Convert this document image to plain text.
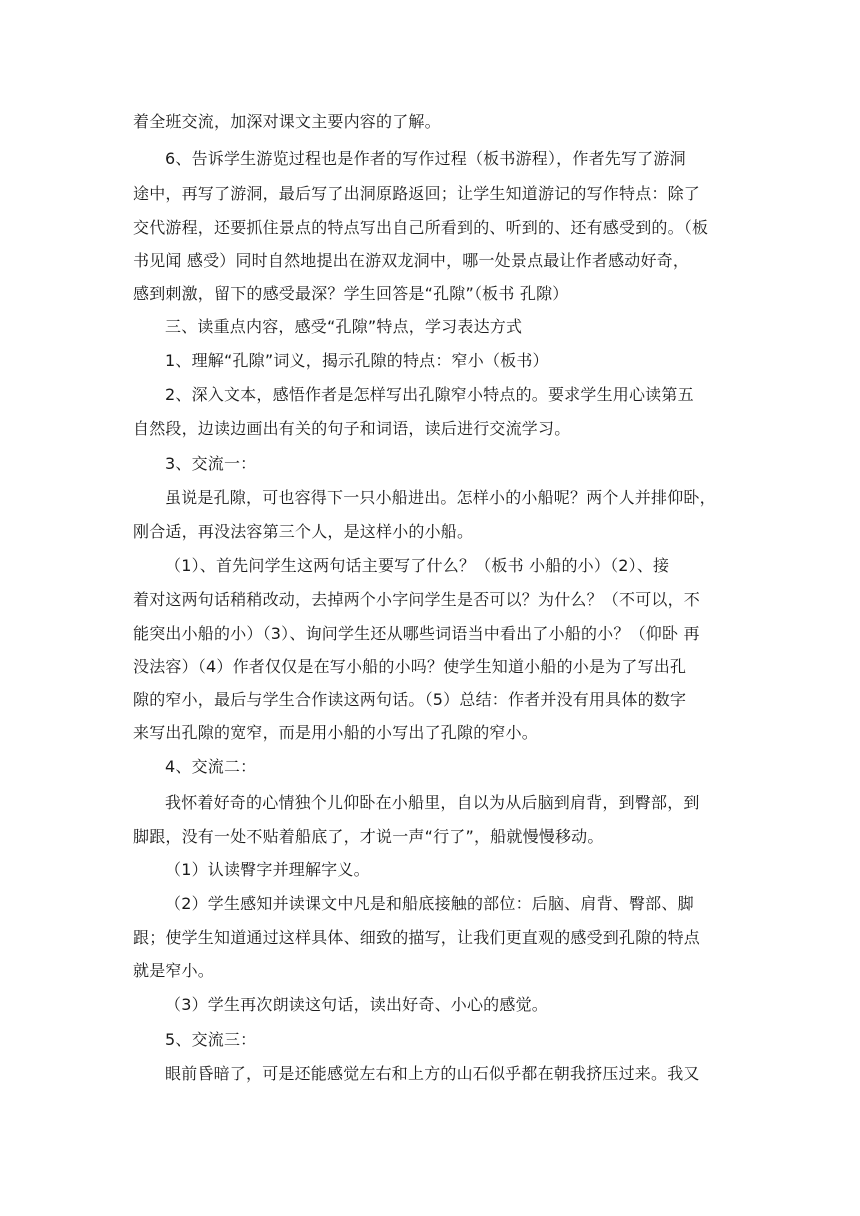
着全班交流，加深对课文主要内容的了解。
6、告诉学生游览过程也是作者的写作过程（板书游程），作者先写了游洞
途中，再写了游洞，最后写了出洞原路返回；让学生知道游记的写作特点：除了
交代游程，还要抓住景点的特点写出自己所看到的、听到的、还有感受到的。（板
书见闻 感受）同时自然地提出在游双龙洞中，哪一处景点最让作者感动好奇，
感到刺激，留下的感受最深？学生回答是“孔隙”（板书 孔隙）
三、读重点内容，感受“孔隙”特点，学习表达方式
1、理解“孔隙”词义，揭示孔隙的特点：窄小（板书）
2、深入文本，感悟作者是怎样写出孔隙窄小特点的。要求学生用心读第五
自然段，边读边画出有关的句子和词语，读后进行交流学习。
3、交流一：
虽说是孔隙，可也容得下一只小船进出。怎样小的小船呢？两个人并排仰卧，
刚合适，再没法容第三个人，是这样小的小船。
（1）、首先问学生这两句话主要写了什么？（板书 小船的小）（2）、接
着对这两句话稍稍改动，去掉两个小字问学生是否可以？为什么？（不可以，不
能突出小船的小）（3）、询问学生还从哪些词语当中看出了小船的小？（仰卧 再
没法容）（4）作者仅仅是在写小船的小吗？使学生知道小船的小是为了写出孔
隙的窄小，最后与学生合作读这两句话。（5）总结：作者并没有用具体的数字
来写出孔隙的宽窄，而是用小船的小写出了孔隙的窄小。
4、交流二：
我怀着好奇的心情独个儿仰卧在小船里，自以为从后脑到肩背，到臀部，到
脚跟，没有一处不贴着船底了，才说一声“行了”，船就慢慢移动。
（1）认读臀字并理解字义。
（2）学生感知并读课文中凡是和船底接触的部位：后脑、肩背、臀部、脚
跟；使学生知道通过这样具体、细致的描写，让我们更直观的感受到孔隙的特点
就是窄小。
（3）学生再次朗读这句话，读出好奇、小心的感觉。
5、交流三：
眼前昏暗了，可是还能感觉左右和上方的山石似乎都在朝我挤压过来。我又
